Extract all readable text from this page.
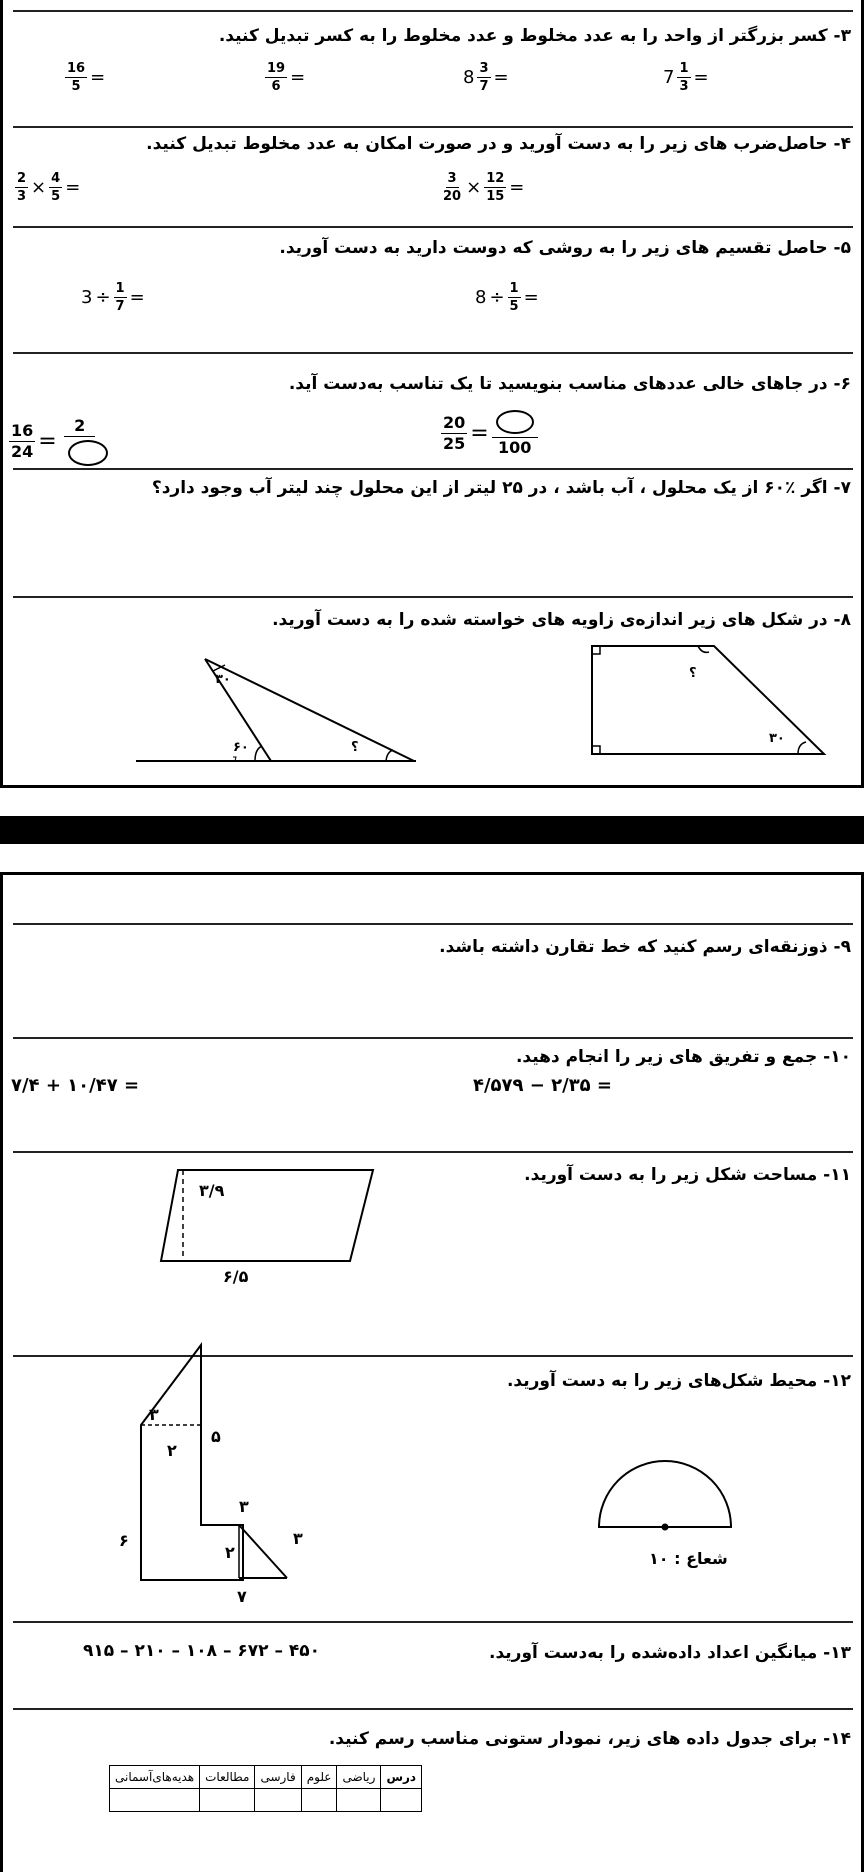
۳- کسر بزرگتر از واحد را به عدد مخلوط و عدد مخلوط را به کسر تبدیل کنید.
$\frac{16}{5}$ =	$\frac{19}{6}$ =	$8 \frac{3}{7}$ =	$7 \frac{1}{3}$ =
۴- حاصل‌ضرب های زیر را به دست آورید و در صورت امکان به عدد مخلوط تبدیل کنید.
$\frac{2}{3} \times \frac{4}{5}$ =	$\frac{3}{20} \times \frac{12}{15}$ =
۵- حاصل تقسیم های زیر را به روشی که دوست دارید به دست آورید.
$3 \div \frac{1}{7}$ =	$8 \div \frac{1}{5}$ =
۶- در جاهای خالی عددهای مناسب بنویسید تا یک تناسب به‌دست آید.
$\frac{16}{24}$ =
2	$\frac{20}{25}$ =
100
۷- اگر ٪۶۰ از یک محلول ، آب باشد ، در ۲۵ لیتر از این محلول چند لیتر آب وجود دارد؟
۸- در شکل های زیر اندازه‌ی زاویه های خواسته شده را به دست آورید.
۳۰
۶۰	؟
؟
۳۰
۹- ذوزنقه‌ای رسم کنید که خط تقارن داشته باشد.
۱۰- جمع و تفریق های زیر را انجام دهید.
۷/۴ + ۱۰/۴۷ =	۴/۵۷۹ − ۲/۳۵ =
۱۱- مساحت شکل زیر را به دست آورید.
۳/۹
۶/۵
۱۲- محیط شکل‌های زیر را به دست آورید.
۳
۲
۵
۶
۳
۲
۳
۷
شعاع : ۱۰
۱۳- میانگین اعداد داده‌شده را به‌دست آورید.
۹۱۵ – ۲۱۰ – ۱۰۸ – ۶۷۲ – ۴۵۰
۱۴- برای جدول داده های زیر، نمودار ستونی مناسب رسم کنید.
درس	ریاضی	علوم	فارسی	مطالعات	هدیه‌های‌آسمانی
